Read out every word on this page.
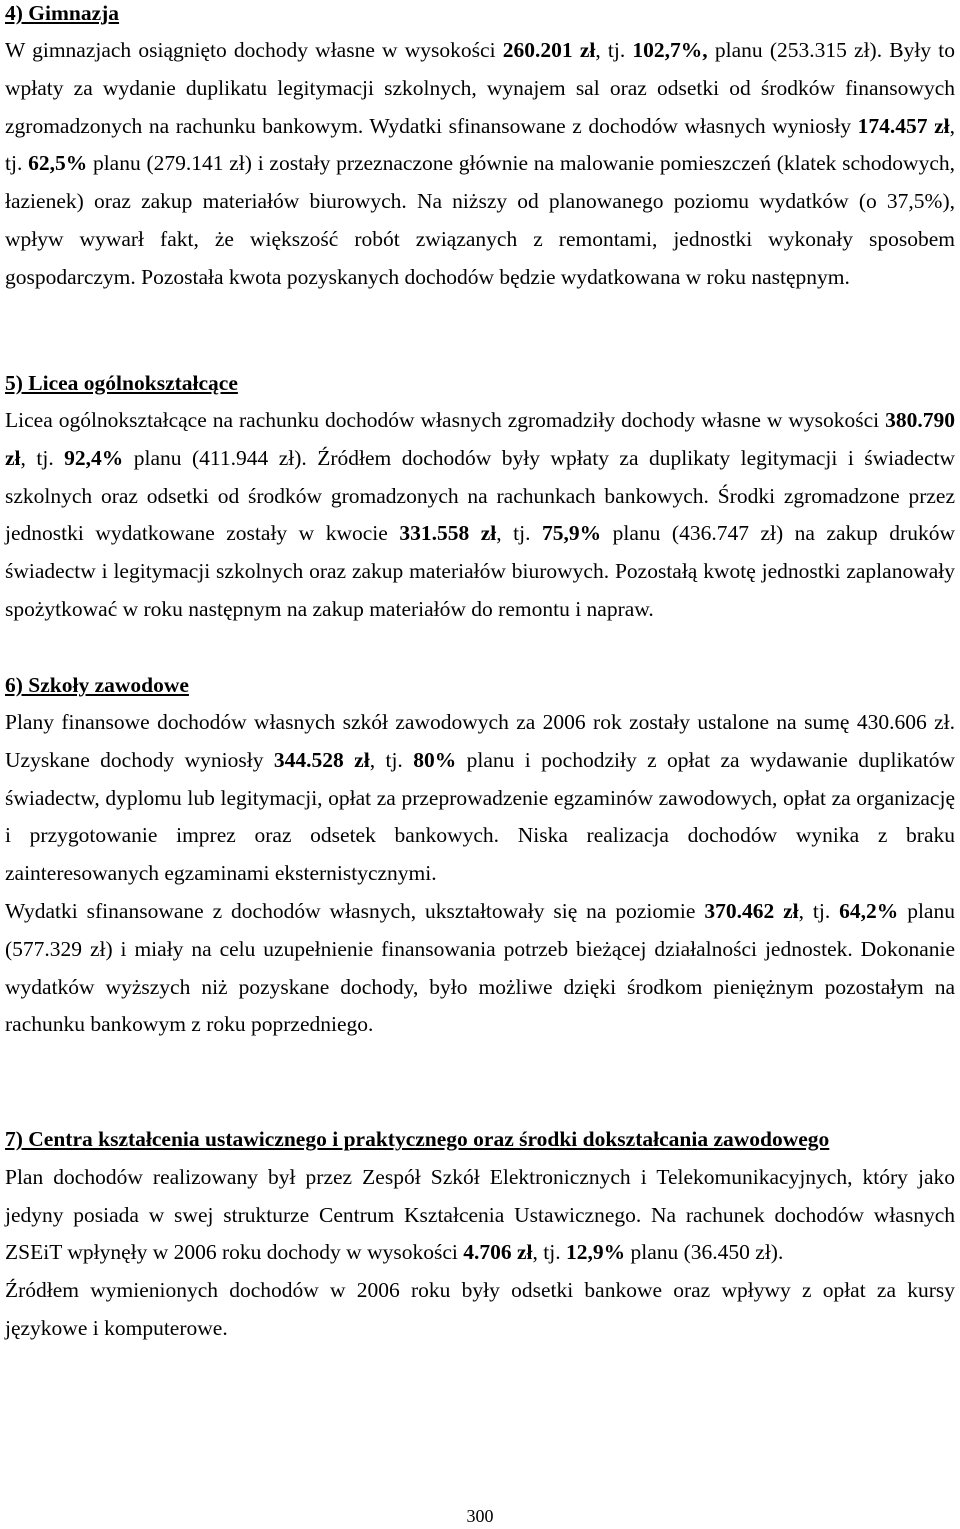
4) Gimnazja

W gimnazjach osiągnięto dochody własne w wysokości 260.201 zł, tj. 102,7%, planu (253.315 zł). Były to wpłaty za wydanie duplikatu legitymacji szkolnych, wynajem sal oraz odsetki od środków finansowych zgromadzonych na rachunku bankowym. Wydatki sfinansowane z dochodów własnych wyniosły 174.457 zł, tj. 62,5% planu (279.141 zł) i zostały przeznaczone głównie na malowanie pomieszczeń (klatek schodowych, łazienek) oraz zakup materiałów biurowych. Na niższy od planowanego poziomu wydatków (o 37,5%), wpływ wywarł fakt, że większość robót związanych z remontami, jednostki wykonały sposobem gospodarczym. Pozostała kwota pozyskanych dochodów będzie wydatkowana w roku następnym.

5) Licea ogólnokształcące

Licea ogólnokształcące na rachunku dochodów własnych zgromadziły dochody własne w wysokości 380.790 zł, tj. 92,4% planu (411.944 zł). Źródłem dochodów były wpłaty za duplikaty legitymacji i świadectw szkolnych oraz odsetki od środków gromadzonych na rachunkach bankowych. Środki zgromadzone przez jednostki wydatkowane zostały w kwocie 331.558 zł, tj. 75,9% planu (436.747 zł) na zakup druków świadectw i legitymacji szkolnych oraz zakup materiałów biurowych. Pozostałą kwotę jednostki zaplanowały spożytkować w roku następnym na zakup materiałów do remontu i napraw.

6) Szkoły zawodowe

Plany finansowe dochodów własnych szkół zawodowych za 2006 rok zostały ustalone na sumę 430.606 zł. Uzyskane dochody wyniosły 344.528 zł, tj. 80% planu i pochodziły z opłat za wydawanie duplikatów świadectw, dyplomu lub legitymacji, opłat za przeprowadzenie egzaminów zawodowych, opłat za organizację i przygotowanie imprez oraz odsetek bankowych. Niska realizacja dochodów wynika z braku zainteresowanych egzaminami eksternistycznymi.

Wydatki sfinansowane z dochodów własnych, ukształtowały się na poziomie 370.462 zł, tj. 64,2% planu (577.329 zł) i miały na celu uzupełnienie finansowania potrzeb bieżącej działalności jednostek. Dokonanie wydatków wyższych niż pozyskane dochody, było możliwe dzięki środkom pieniężnym pozostałym na rachunku bankowym z roku poprzedniego.

7) Centra kształcenia ustawicznego i praktycznego oraz środki dokształcania zawodowego

Plan dochodów realizowany był przez Zespół Szkół Elektronicznych i Telekomunikacyjnych, który jako jedyny posiada w swej strukturze Centrum Kształcenia Ustawicznego. Na rachunek dochodów własnych ZSEiT wpłynęły w 2006 roku dochody w wysokości 4.706 zł, tj. 12,9% planu (36.450 zł).

Źródłem wymienionych dochodów w 2006 roku były odsetki bankowe oraz wpływy z opłat za kursy językowe i komputerowe.

300
